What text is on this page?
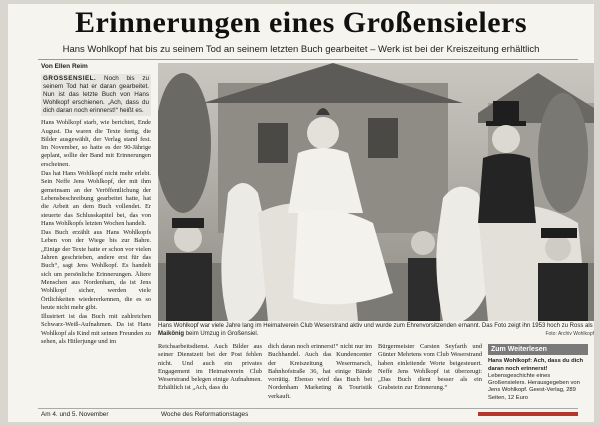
Erinnerungen eines Großensielers
Hans Wohlkopf hat bis zu seinem Tod an seinem letzten Buch gearbeitet – Werk ist bei der Kreiszeitung erhältlich
Von Ellen Reim
GROSSENSIEL. Noch bis zu seinem Tod hat er daran gearbeitet. Nun ist das letzte Buch von Hans Wohlkopf erschienen. „Ach, dass du dich daran noch erinnerst!“ heißt es.

Hans Wohlkopf starb, wie berichtet, Ende August. Da waren die Texte fertig, die Bilder ausgewählt, der Verlag stand fest. Im November, so hatte es der 90-Jährige geplant, sollte der Band mit Erinnerungen erscheinen.

Das hat Hans Wohlkopf nicht mehr erlebt. Sein Neffe Jens Wohlkopf, der mit ihm gemeinsam an der Veröffentlichung der Lebensbeschreibung gearbeitet hatte, hat die Arbeit an dem Buch vollendet. Er steuerte das Schlusskapitel bei, das von Hans Wohlkopfs letzten Wochen handelt.

Das Buch erzählt aus Hans Wohlkopfs Leben von der Wiege bis zur Bahre. „Einige der Texte hatte er schon vor vielen Jahren geschrieben, andere erst für das Buch“, sagt Jens Wohlkopf. Es handelt sich um persönliche Erinnerungen. Ältere Menschen aus Nordenham, da ist Jens Wohlkopf sicher, werden viele Örtlichkeiten wiedererkennen, die es so heute nicht mehr gibt.

Illustriert ist das Buch mit zahlreichen Schwarz-Weiß-Aufnahmen. Da ist Hans Wohlkopf als Kind mit seinen Freunden zu sehen, als Hitlerjunge und im

Hans Wohlkopf war viele Jahre lang im Heimatverein Club Weserstrand aktiv und wurde zum Ehrenvorsitzenden ernannt. Das Foto zeigt ihn 1953 hoch zu Ross als Maikönig beim Umzug in Großensiel.	Foto: Archiv Wohlkopf

Reichsarbeitsdienst. Auch Bilder aus seiner Dienstzeit bei der Post fehlen nicht. Und auch ein privates Engagement im Heimatverein Club Weserstrand belegen einige Aufnahmen. Erhältlich ist „Ach, dass du

dich daran noch erinnerst!“ nicht nur im Buchhandel. Auch das Kundencenter der Kreiszeitung Wesermarsch, Bahnhofstraße 36, hat einige Bände vorrätig. Ebenso wird das Buch bei Nordenham Marketing & Touristik verkauft.

Bürgermeister Carsten Seyfarth und Günter Mehrtens vom Club Weserstrand haben einleitende Worte beigesteuert. Neffe Jens Wohlkopf ist überzeugt: „Das Buch dient besser als ein Grabstein zur Erinnerung.“

Zum Weiterlesen
Hans Wohlkopf: Ach, dass du dich daran noch erinnerst! Lebensgeschichte eines Großensielers. Herausgegeben von Jens Wohlkopf. Geest-Verlag, 289 Seiten, 12 Euro
Am 4. und 5. November	Woche des Reformationstages
